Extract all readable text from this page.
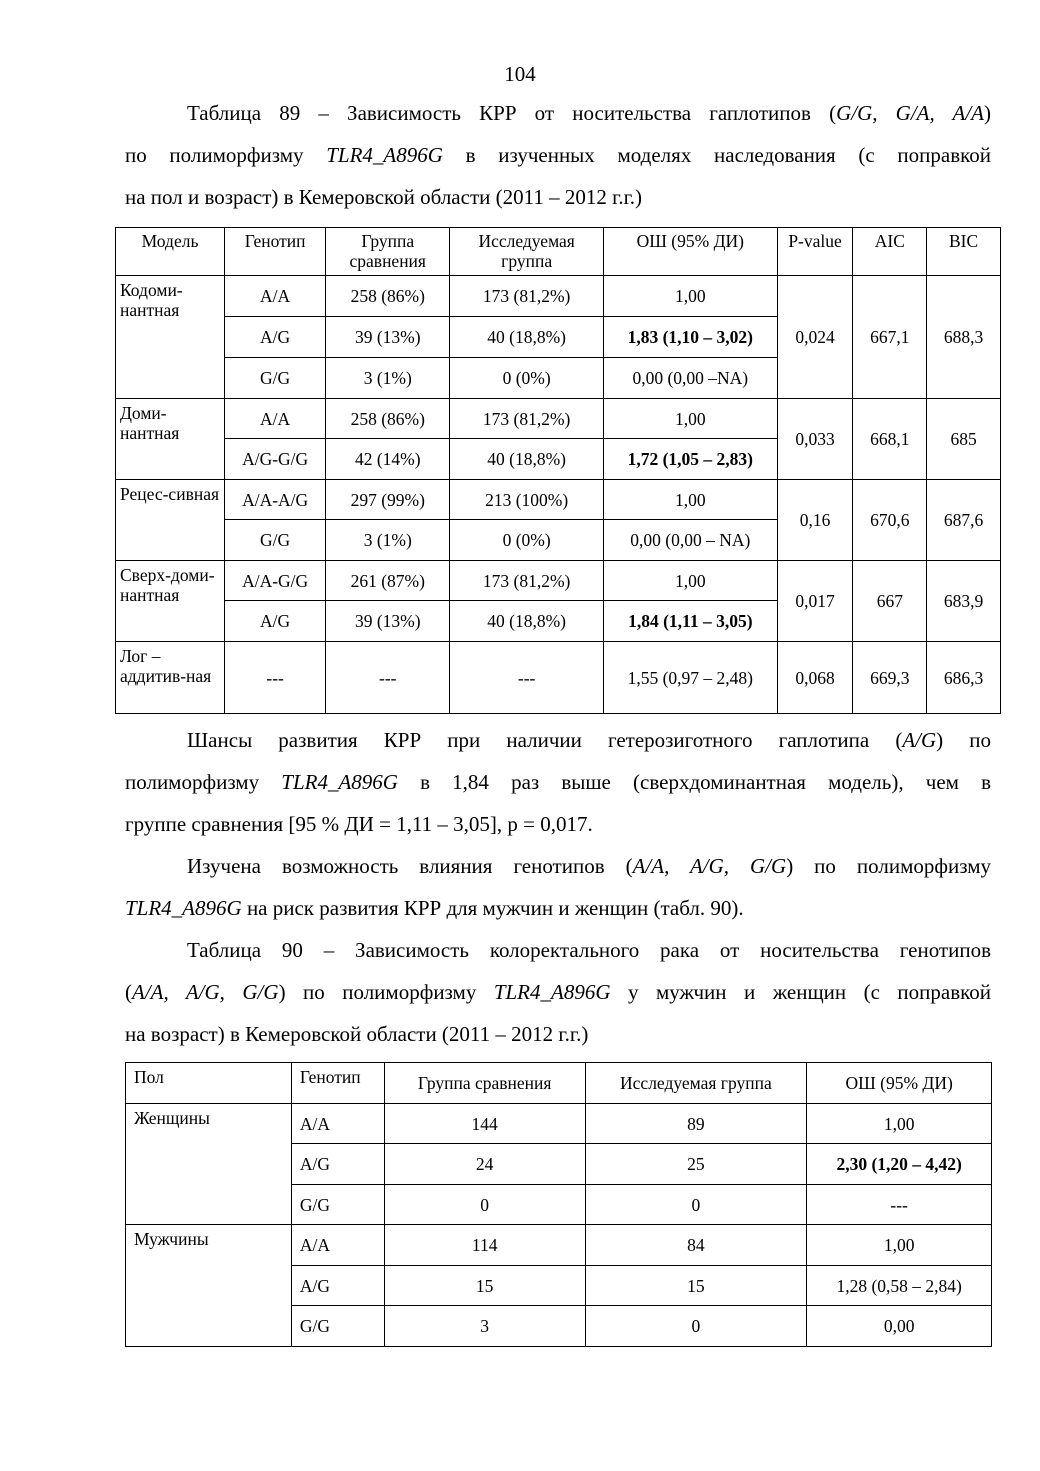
104
Таблица 89 – Зависимость КРР от носительства гаплотипов (G/G, G/A, A/A)
по полиморфизму TLR4_A896G в изученных моделях наследования (с поправкой
на пол и возраст) в Кемеровской области (2011 – 2012 г.г.)
Модель	Генотип	Группа сравнения	Исследуемая группа	ОШ (95% ДИ)	P-value	AIC	BIC
Кодоми-нантная	A/A	258 (86%)	173 (81,2%)	1,00	0,024	667,1	688,3
	A/G	39 (13%)	40 (18,8%)	1,83 (1,10 – 3,02)			
	G/G	3 (1%)	0 (0%)	0,00 (0,00 –NA)			
Доми-нантная	A/A	258 (86%)	173 (81,2%)	1,00	0,033	668,1	685
	A/G-G/G	42 (14%)	40 (18,8%)	1,72 (1,05 – 2,83)			
Рецес-сивная	A/A-A/G	297 (99%)	213 (100%)	1,00	0,16	670,6	687,6
	G/G	3 (1%)	0 (0%)	0,00 (0,00 – NA)			
Сверх-доми-нантная	A/A-G/G	261 (87%)	173 (81,2%)	1,00	0,017	667	683,9
	A/G	39 (13%)	40 (18,8%)	1,84 (1,11 – 3,05)			
Лог – аддитив-ная	---	---	---	1,55 (0,97 – 2,48)	0,068	669,3	686,3
Шансы развития КРР при наличии гетерозиготного гаплотипа (A/G) по
полиморфизму TLR4_A896G в 1,84 раз выше (сверхдоминантная модель), чем в
группе сравнения [95 % ДИ = 1,11 – 3,05], p = 0,017.
Изучена возможность влияния генотипов (A/A, A/G, G/G) по полиморфизму
TLR4_A896G на риск развития КРР для мужчин и женщин (табл. 90).
Таблица 90 – Зависимость колоректального рака от носительства генотипов
(A/A, A/G, G/G) по полиморфизму TLR4_A896G у мужчин и женщин (с поправкой
на возраст) в Кемеровской области (2011 – 2012 г.г.)
Пол	Генотип	Группа сравнения	Исследуемая группа	ОШ (95% ДИ)
Женщины	A/A	144	89	1,00
	A/G	24	25	2,30 (1,20 – 4,42)
	G/G	0	0	---
Мужчины	A/A	114	84	1,00
	A/G	15	15	1,28 (0,58 – 2,84)
	G/G	3	0	0,00
